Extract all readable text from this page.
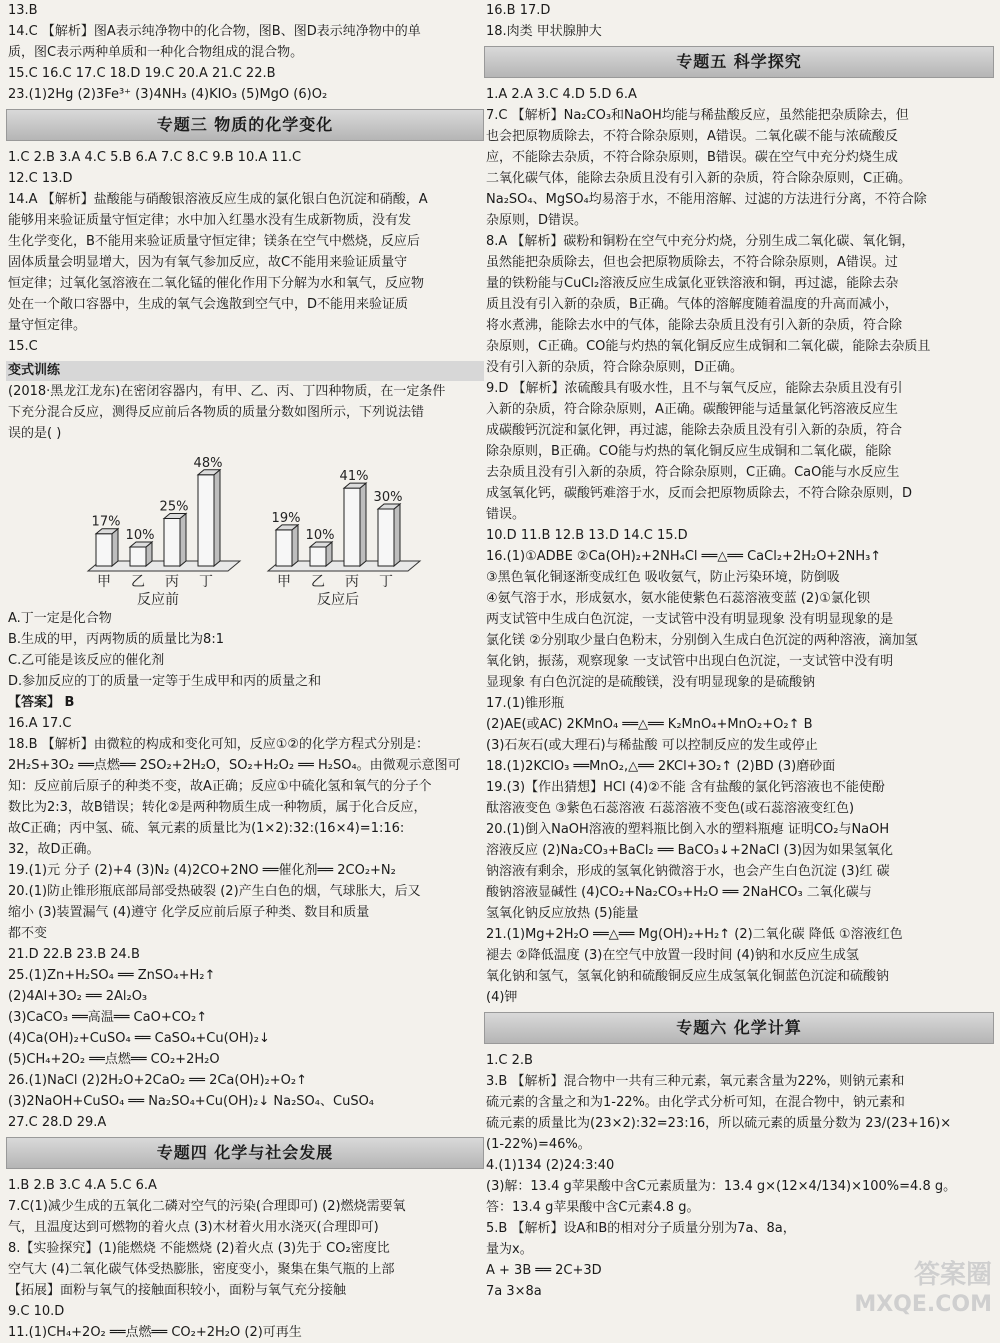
13.B
14.C 【解析】图A表示纯净物中的化合物，图B、图D表示纯净物中的单
质，图C表示两种单质和一种化合物组成的混合物。
15.C 16.C 17.C 18.D 19.C 20.A 21.C 22.B
23.(1)2Hg (2)3Fe³⁺ (3)4NH₃ (4)KIO₃ (5)MgO (6)O₂
专题三 物质的化学变化
1.C 2.B 3.A 4.C 5.B 6.A 7.C 8.C 9.B 10.A 11.C
12.C 13.D
14.A 【解析】盐酸能与硝酸银溶液反应生成的氯化银白色沉淀和硝酸，A
能够用来验证质量守恒定律；水中加入红墨水没有生成新物质，没有发
生化学变化，B不能用来验证质量守恒定律；镁条在空气中燃烧，反应后
固体质量会明显增大，因为有氧气参加反应，故C不能用来验证质量守
恒定律；过氧化氢溶液在二氧化锰的催化作用下分解为水和氧气，反应物
处在一个敞口容器中，生成的氧气会逸散到空气中，D不能用来验证质
量守恒定律。
15.C
变式训练
(2018·黑龙江龙东)在密闭容器内，有甲、乙、丙、丁四种物质，在一定条件
下充分混合反应，测得反应前后各物质的质量分数如图所示，下列说法错
误的是( )
17%
甲
10%
乙
25%
丙
48%
丁
反应前
19%
甲
10%
乙
41%
丙
30%
丁
反应后
A.丁一定是化合物
B.生成的甲，丙两物质的质量比为8:1
C.乙可能是该反应的催化剂
D.参加反应的丁的质量一定等于生成甲和丙的质量之和
【答案】 B
16.A 17.C
18.B 【解析】由微粒的构成和变化可知，反应①②的化学方程式分别是：
2H₂S+3O₂ ══点燃══ 2SO₂+2H₂O，SO₂+H₂O₂ ══ H₂SO₄。由微观示意图可
知：反应前后原子的种类不变，故A正确；反应①中硫化氢和氧气的分子个
数比为2:3，故B错误；转化②是两种物质生成一种物质，属于化合反应，
故C正确；丙中氢、硫、氧元素的质量比为(1×2):32:(16×4)=1:16:
32，故D正确。
19.(1)元 分子 (2)+4 (3)N₂ (4)2CO+2NO ══催化剂══ 2CO₂+N₂
20.(1)防止锥形瓶底部局部受热破裂 (2)产生白色的烟，气球胀大，后又
缩小 (3)装置漏气 (4)遵守 化学反应前后原子种类、数目和质量
都不变
21.D 22.B 23.B 24.B
25.(1)Zn+H₂SO₄ ══ ZnSO₄+H₂↑
(2)4Al+3O₂ ══ 2Al₂O₃
(3)CaCO₃ ══高温══ CaO+CO₂↑
(4)Ca(OH)₂+CuSO₄ ══ CaSO₄+Cu(OH)₂↓
(5)CH₄+2O₂ ══点燃══ CO₂+2H₂O
26.(1)NaCl (2)2H₂O+2CaO₂ ══ 2Ca(OH)₂+O₂↑
(3)2NaOH+CuSO₄ ══ Na₂SO₄+Cu(OH)₂↓ Na₂SO₄、CuSO₄
27.C 28.D 29.A
专题四 化学与社会发展
1.B 2.B 3.C 4.A 5.C 6.A
7.C(1)减少生成的五氧化二磷对空气的污染(合理即可) (2)燃烧需要氧
气，且温度达到可燃物的着火点 (3)木材着火用水浇灭(合理即可)
8.【实验探究】(1)能燃烧 不能燃烧 (2)着火点 (3)先于 CO₂密度比
空气大 (4)二氧化碳气体受热膨胀，密度变小，聚集在集气瓶的上部
【拓展】面粉与氧气的接触面积较小，面粉与氧气充分接触
9.C 10.D
11.(1)CH₄+2O₂ ══点燃══ CO₂+2H₂O (2)可再生
16.B 17.D
18.肉类 甲状腺肿大
专题五 科学探究
1.A 2.A 3.C 4.D 5.D 6.A
7.C 【解析】Na₂CO₃和NaOH均能与稀盐酸反应，虽然能把杂质除去，但
也会把原物质除去，不符合除杂原则，A错误。二氧化碳不能与浓硫酸反
应，不能除去杂质，不符合除杂原则，B错误。碳在空气中充分灼烧生成
二氧化碳气体，能除去杂质且没有引入新的杂质，符合除杂原则，C正确。
Na₂SO₄、MgSO₄均易溶于水，不能用溶解、过滤的方法进行分离，不符合除
杂原则，D错误。
8.A 【解析】碳粉和铜粉在空气中充分灼烧，分别生成二氧化碳、氧化铜，
虽然能把杂质除去，但也会把原物质除去，不符合除杂原则，A错误。过
量的铁粉能与CuCl₂溶液反应生成氯化亚铁溶液和铜，再过滤，能除去杂
质且没有引入新的杂质，B正确。气体的溶解度随着温度的升高而减小，
将水煮沸，能除去水中的气体，能除去杂质且没有引入新的杂质，符合除
杂原则，C正确。CO能与灼热的氧化铜反应生成铜和二氧化碳，能除去杂质且
没有引入新的杂质，符合除杂原则，D正确。
9.D 【解析】浓硫酸具有吸水性，且不与氧气反应，能除去杂质且没有引
入新的杂质，符合除杂原则，A正确。碳酸钾能与适量氯化钙溶液反应生
成碳酸钙沉淀和氯化钾，再过滤，能除去杂质且没有引入新的杂质，符合
除杂原则，B正确。CO能与灼热的氧化铜反应生成铜和二氧化碳，能除
去杂质且没有引入新的杂质，符合除杂原则，C正确。CaO能与水反应生
成氢氧化钙，碳酸钙难溶于水，反而会把原物质除去，不符合除杂原则，D
错误。
10.D 11.B 12.B 13.D 14.C 15.D
16.(1)①ADBE ②Ca(OH)₂+2NH₄Cl ══△══ CaCl₂+2H₂O+2NH₃↑
③黑色氧化铜逐渐变成红色 吸收氨气，防止污染环境，防倒吸
④氨气溶于水，形成氨水，氨水能使紫色石蕊溶液变蓝 (2)①氯化钡
两支试管中生成白色沉淀，一支试管中没有明显现象 没有明显现象的是
氯化镁 ②分别取少量白色粉末，分别倒入生成白色沉淀的两种溶液，滴加氢
氧化钠，振荡，观察现象 一支试管中出现白色沉淀，一支试管中没有明
显现象 有白色沉淀的是硫酸镁，没有明显现象的是硫酸钠
17.(1)锥形瓶
(2)AE(或AC) 2KMnO₄ ══△══ K₂MnO₄+MnO₂+O₂↑ B
(3)石灰石(或大理石)与稀盐酸 可以控制反应的发生或停止
18.(1)2KClO₃ ══MnO₂,△══ 2KCl+3O₂↑ (2)BD (3)磨砂面
19.(3)【作出猜想】HCl (4)②不能 含有盐酸的氯化钙溶液也不能使酚
酞溶液变色 ③紫色石蕊溶液 石蕊溶液不变色(或石蕊溶液变红色)
20.(1)倒入NaOH溶液的塑料瓶比倒入水的塑料瓶瘪 证明CO₂与NaOH
溶液反应 (2)Na₂CO₃+BaCl₂ ══ BaCO₃↓+2NaCl (3)因为如果氢氧化
钠溶液有剩余，形成的氢氧化钠微溶于水，也会产生白色沉淀 (3)红 碳
酸钠溶液显碱性 (4)CO₂+Na₂CO₃+H₂O ══ 2NaHCO₃ 二氧化碳与
氢氧化钠反应放热 (5)能量
21.(1)Mg+2H₂O ══△══ Mg(OH)₂+H₂↑ (2)二氧化碳 降低 ①溶液红色
褪去 ②降低温度 (3)在空气中放置一段时间 (4)钠和水反应生成氢
氧化钠和氢气，氢氧化钠和硫酸铜反应生成氢氧化铜蓝色沉淀和硫酸钠
(4)钾
专题六 化学计算
1.C 2.B
3.B 【解析】混合物中一共有三种元素，氧元素含量为22%，则钠元素和
硫元素的含量之和为1-22%。由化学式分析可知，在混合物中，钠元素和
硫元素的质量比为(23×2):32=23:16，所以硫元素的质量分数为 23/(23+16)×
(1-22%)=46%。
4.(1)134 (2)24:3:40
(3)解：13.4 g苹果酸中含C元素质量为：13.4 g×(12×4/134)×100%=4.8 g。
答：13.4 g苹果酸中含C元素4.8 g。
5.B 【解析】设A和B的相对分子质量分别为7a、8a，
量为x。
A + 3B ══ 2C+3D
7a 3×8a
答案圈
MXQE.COM
